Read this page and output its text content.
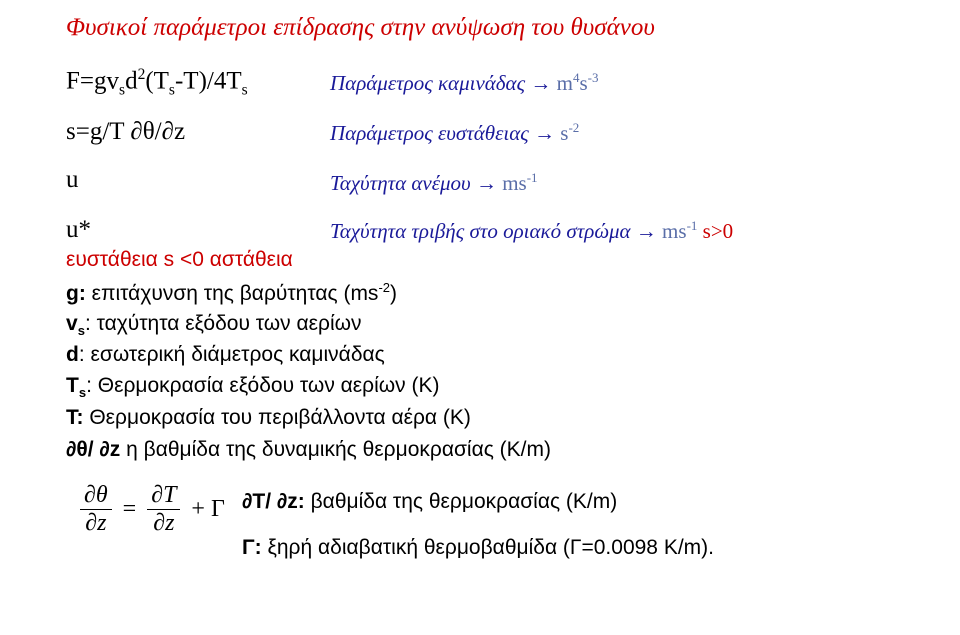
Φυσικοί παράμετροι επίδρασης στην ανύψωση του θυσάνου
$F=gv_sd^2(T_s-T)/4T_s$	Παράμετρος $\kappa\alpha\mu\iota\nu ά\delta\alpha\varsigma \to m^4s^{-3}$
s=g/T ∂θ/∂z	Παράμετρος $\varepsilon\upsilon\sigma\tau ά\theta\varepsilon\iota\alpha\varsigma \to s^{-2}$
u	Ταχύτητα $\alpha\nu έ\mu o\upsilon \to ms^{-1}$
u*	Ταχύτητα τριβής στο οριακό $\sigma\tau\rho ώ\mu\alpha \to ms^{-1}$ s>0
ευστάθεια s <0 αστάθεια
g: επιτάχυνση της βαρύτητας $(ms^{-2})$
$v_s$: ταχύτητα εξόδου των αερίων
d: εσωτερική διάμετρος καμινάδας
$T_s$: Θερμοκρασία εξόδου των αερίων (K)
T: Θερμοκρασία του περιβάλλοντα αέρα (K)
∂θ/ ∂z η βαθμίδα της δυναμικής θερμοκρασίας (K/m)
$\frac{\partial\theta}{\partial z} = \frac{\partial T}{\partial z} + \Gamma$ ∂T/ ∂z: βαθμίδα της θερμοκρασίας (K/m)
Γ: ξηρή αδιαβατική θερμοβαθμίδα (Γ=0.0098 K/m).
